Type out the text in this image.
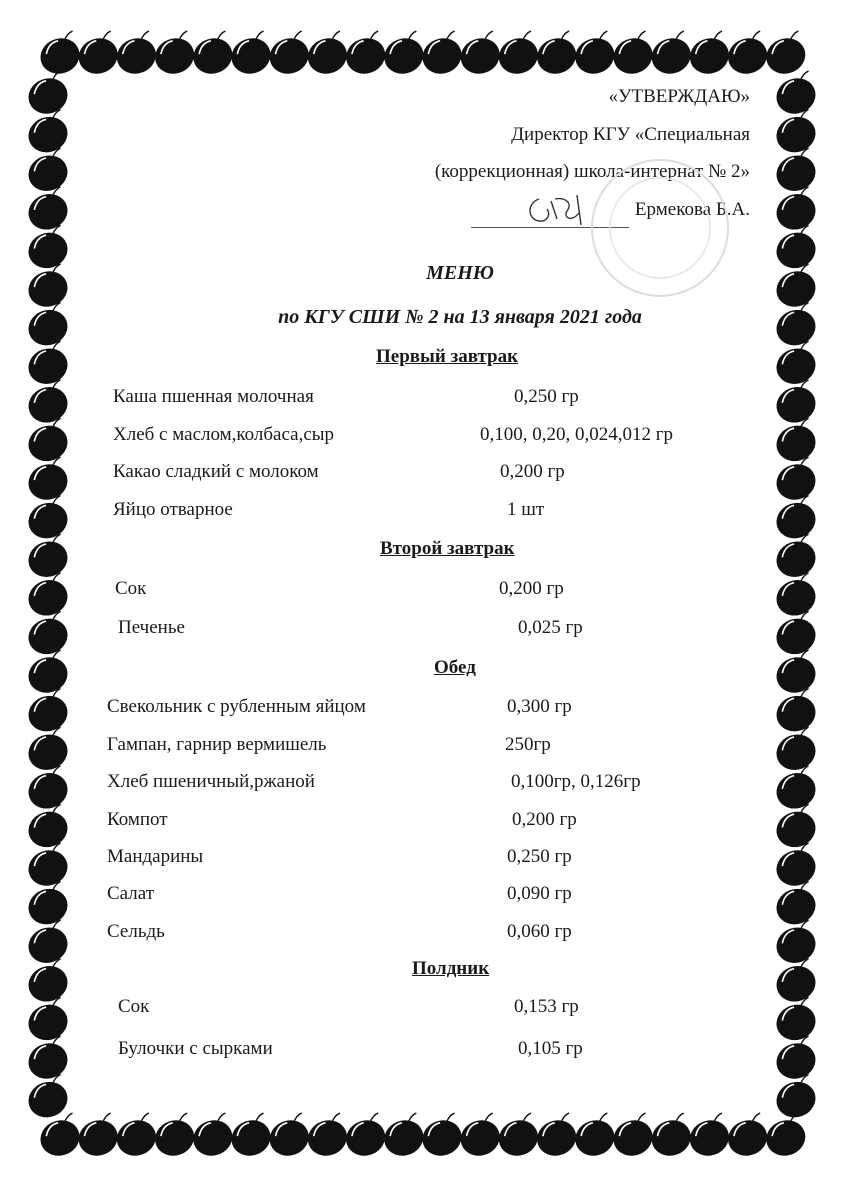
«УТВЕРЖДАЮ»
Директор КГУ «Специальная
(коррекционная) школа-интернат № 2»
Ермекова Б.А.
МЕНЮ
по КГУ СШИ № 2 на 13 января 2021 года
Первый завтрак
Каша пшенная молочная	0,250 гр
Хлеб с маслом,колбаса,сыр	0,100, 0,20, 0,024,012 гр
Какао сладкий с молоком	0,200 гр
Яйцо отварное	1 шт
Второй завтрак
Сок	0,200 гр
Печенье	0,025 гр
Обед
Свекольник с рубленным яйцом	0,300 гр
Гампан, гарнир вермишель	250гр
Хлеб пшеничный,ржаной	0,100гр, 0,126гр
Компот	0,200 гр
Мандарины	0,250 гр
Салат	0,090 гр
Сельдь	0,060 гр
Полдник
Сок	0,153 гр
Булочки с сырками	0,105 гр
